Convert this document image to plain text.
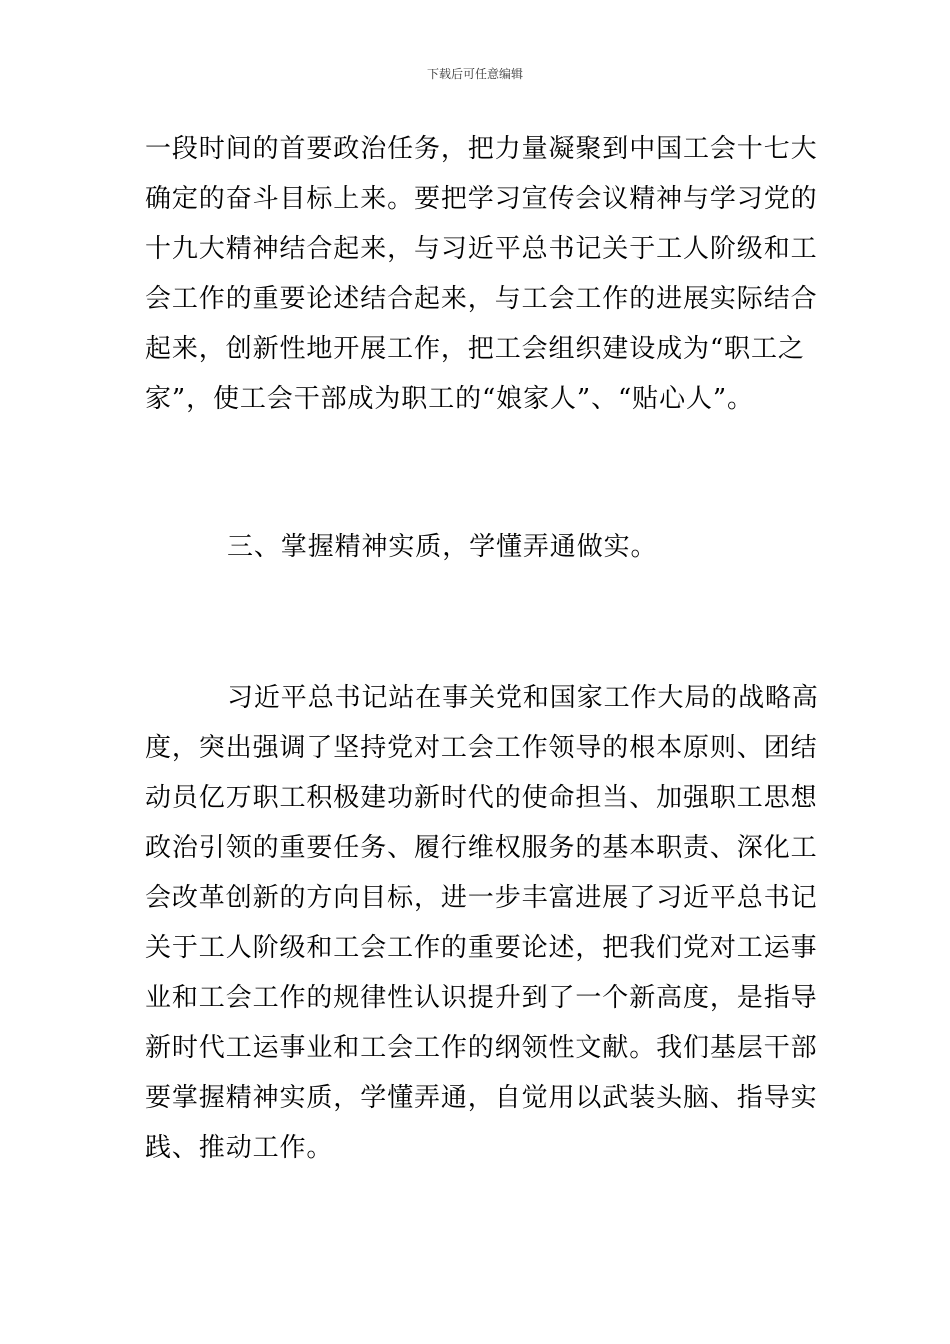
下载后可任意编辑
一段时间的首要政治任务，把力量凝聚到中国工会十七大
确定的奋斗目标上来。要把学习宣传会议精神与学习党的
十九大精神结合起来，与习近平总书记关于工人阶级和工
会工作的重要论述结合起来，与工会工作的进展实际结合
起来，创新性地开展工作，把工会组织建设成为“职工之
家”，使工会干部成为职工的“娘家人”、“贴心人”。
三、掌握精神实质，学懂弄通做实。
习近平总书记站在事关党和国家工作大局的战略高
度，突出强调了坚持党对工会工作领导的根本原则、团结
动员亿万职工积极建功新时代的使命担当、加强职工思想
政治引领的重要任务、履行维权服务的基本职责、深化工
会改革创新的方向目标，进一步丰富进展了习近平总书记
关于工人阶级和工会工作的重要论述，把我们党对工运事
业和工会工作的规律性认识提升到了一个新高度，是指导
新时代工运事业和工会工作的纲领性文献。我们基层干部
要掌握精神实质，学懂弄通，自觉用以武装头脑、指导实
践、推动工作。
